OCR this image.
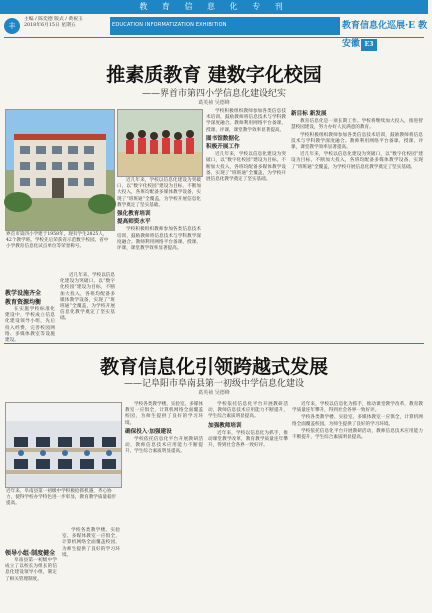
教 育 信 息 化 专 刊
丰
主编 / 陈奕德 版式 / 黄祝玉
2018年6月15日 星期五	EDUCATION INFORMATIZATION EXHIBITION	教育信息化巡展·E 教安徽 E3
推素质教育 建数字化校园
——界首市第四小学信息化建设纪实
葛英祯 吴德峰
界首市第四小学建于1958年，现有学生2825人，42个教学班。学校先后荣获省示范数字校园、省中小学教育信息化试点单位等荣誉称号。
教学设施齐全
教育资源均衡

在实施学校标准化建设中，学校成立信息化建设领导小组，先后投入经费，完善校园网络、多媒体教室等设施建设。

近几年来，学校以信息化建设为突破口，以“数字化校园”建设为目标，不断加大投入，各班均配备多媒体教学设备，实现了“班班通”全覆盖，为学校开展信息化教学奠定了坚实基础。

近几年来，学校以信息化建设为突破口，以“数字化校园”建设为目标，不断加大投入，各班均配备多媒体教学设备，实现了“班班通”全覆盖，为学校开展信息化教学奠定了坚实基础。

强化教育培训

提高师资水平

学校积极组织教师参加各类信息技术培训，鼓励教师将信息技术与学科教学深度融合。教师利用网络平台备课、授课、评课，课堂教学效率显著提高。

学校积极组织教师参加各类信息技术培训，鼓励教师将信息技术与学科教学深度融合。教师利用网络平台备课、授课、评课，课堂教学效率显著提高。

图书馆数据化

积极开展工作

近几年来，学校以信息化建设为突破口，以“数字化校园”建设为目标，不断加大投入，各班均配备多媒体教学设备，实现了“班班通”全覆盖，为学校开展信息化教学奠定了坚实基础。

新目标 新发展

教育信息化是一项长期工作。学校将继续加大投入，推进智慧校园建设，努力办好人民满意的教育。

学校积极组织教师参加各类信息技术培训，鼓励教师将信息技术与学科教学深度融合。教师利用网络平台备课、授课、评课，课堂教学效率显著提高。

近几年来，学校以信息化建设为突破口，以“数字化校园”建设为目标，不断加大投入，各班均配备多媒体教学设备，实现了“班班通”全覆盖，为学校开展信息化教学奠定了坚实基础。

教育信息化引领跨越式发展
——记阜阳市阜南县第一初级中学信息化建设
葛英祯 吴德峰
近年来，阜南县第一初级中学积极抢抓机遇，齐心协力，使得学校办学特色进一步彰显，教育教学质量稳步提高。
领导小组·制度健全

阜南县第一初级中学成立了以校长为组长的信息化建设领导小组，制定了相关管理制度。

学校各类教学楼、实验室、多媒体教室一应俱全，计算机网络全面覆盖校园，为师生提供了良好的学习环境。

学校各类教学楼、实验室、多媒体教室一应俱全，计算机网络全面覆盖校园，为师生提供了良好的学习环境。

确保投入·加强建设

学校依托信息化平台开展教研活动，教师信息技术应用能力不断提升，学生综合素质明显提高。

学校依托信息化平台开展教研活动，教师信息技术应用能力不断提升，学生综合素质明显提高。

加强教师培训

近年来，学校以信息化为抓手，推动课堂教学改革，教育教学质量连年攀升，得到社会各界一致好评。

近年来，学校以信息化为抓手，推动课堂教学改革，教育教学质量连年攀升，得到社会各界一致好评。

学校各类教学楼、实验室、多媒体教室一应俱全，计算机网络全面覆盖校园，为师生提供了良好的学习环境。

学校依托信息化平台开展教研活动，教师信息技术应用能力不断提升，学生综合素质明显提高。
